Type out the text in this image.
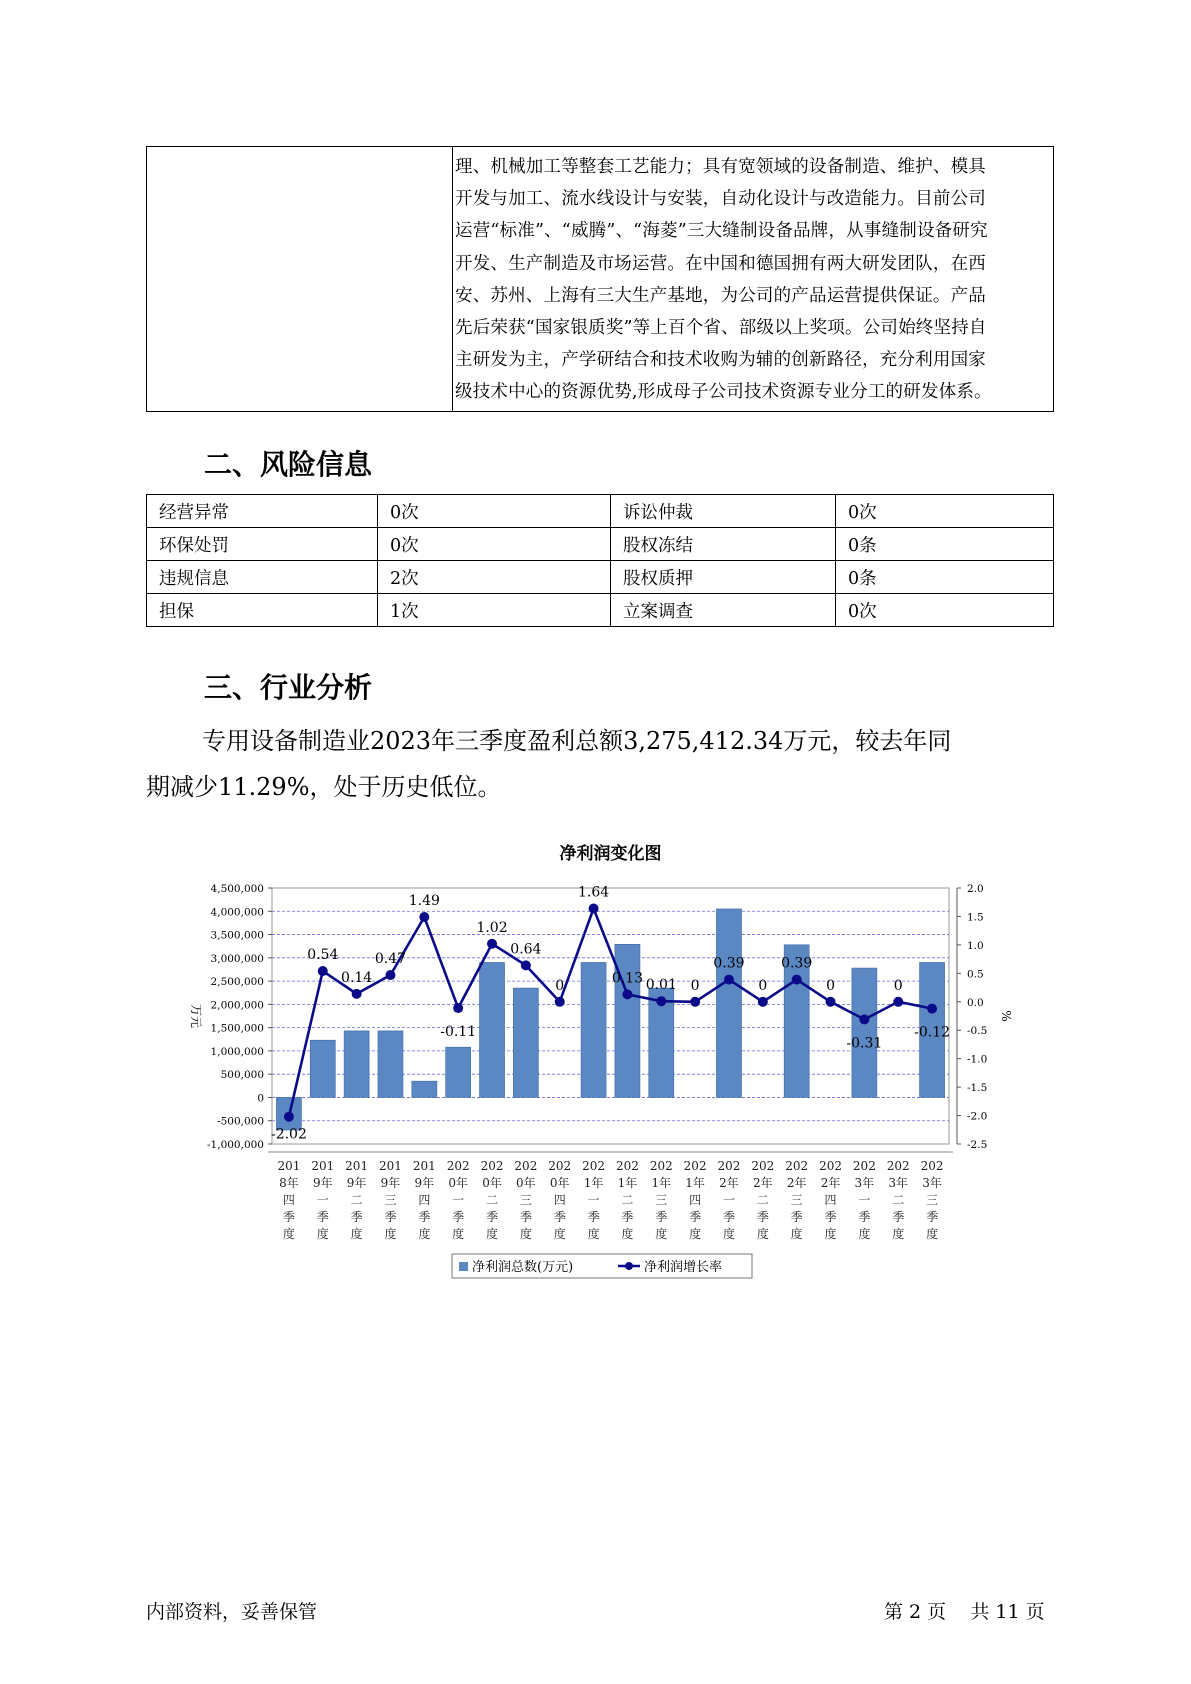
理、机械加工等整套工艺能力；具有宽领域的设备制造、维护、模具
开发与加工、流水线设计与安装，自动化设计与改造能力。目前公司
运营“标准”、“威腾”、“海菱”三大缝制设备品牌，从事缝制设备研究
开发、生产制造及市场运营。在中国和德国拥有两大研发团队，在西
安、苏州、上海有三大生产基地，为公司的产品运营提供保证。产品
先后荣获“国家银质奖”等上百个省、部级以上奖项。公司始终坚持自
主研发为主，产学研结合和技术收购为辅的创新路径，充分利用国家
级技术中心的资源优势,形成母子公司技术资源专业分工的研发体系。
二、风险信息
经营异常	0次	诉讼仲裁	0次
环保处罚	0次	股权冻结	0条
违规信息	2次	股权质押	0条
担保	1次	立案调查	0次
三、行业分析

专用设备制造业2023年三季度盈利总额3,275,412.34万元，较去年同
期减少11.29%，处于历史低位。

净利润变化图
4,500,000
4,000,000
3,500,000
3,000,000
2,500,000
2,000,000
1,500,000
1,000,000
500,000
0
-500,000
-1,000,000
2.0
1.5
1.0
0.5
0.0
-0.5
-1.0
-1.5
-2.0
-2.5
万元	%
-2.02
0.54
0.14
0.47
1.49
-0.11
1.02
0.64
0
1.64
0.13 0.01 0
0.39
0
0.39
0
-0.31
0
-0.12
201
8年
四
季
度
201
9年
一
季
度
201
9年
二
季
度
201
9年
三
季
度
201
9年
四
季
度
202
0年
一
季
度
202
0年
二
季
度
202
0年
三
季
度
202
0年
四
季
度
202
1年
一
季
度
202
1年
二
季
度
202
1年
三
季
度
202
1年
四
季
度
202
2年
一
季
度
202
2年
二
季
度
202
2年
三
季
度
202
2年
四
季
度
202
3年
一
季
度
202
3年
二
季
度
202
3年
三
季
度
净利润总数(万元)	净利润增长率
内部资料，妥善保管	第 2 页    共 11 页
